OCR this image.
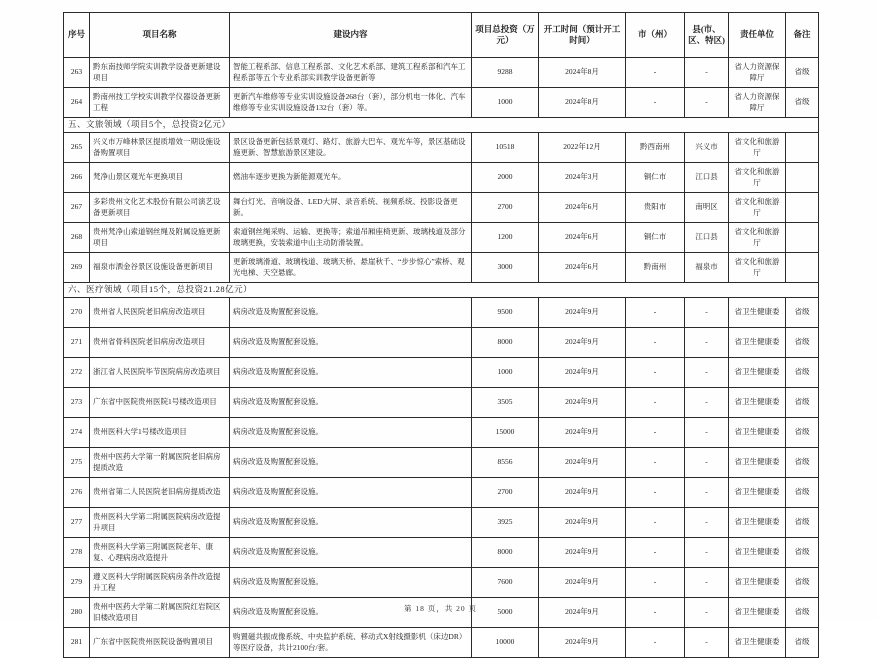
序号	项目名称	建设内容	项目总投资（万元）	开工时间（预计开工时间）	市（州）	县(市、区、特区)	责任单位	备注
263	黔东南技师学院实训教学设备更新建设项目	智能工程系部、信息工程系部、文化艺术系部、建筑工程系部和汽车工程系部等五个专业系部实训教学设备更新等	9288	2024年8月	-	-	省人力资源保障厅	省级
264	黔南州技工学校实训教学仪器设备更新工程	更新汽车维修等专业实训设施设备268台（套），部分机电一体化、汽车维修等专业实训设施设备132台（套）等。	1000	2024年8月	-	-	省人力资源保障厅	省级
五、文旅领域（项目5个，总投资2亿元）								
265	兴义市万峰林景区提质增效一期设施设备购置项目	景区设备更新包括景观灯、路灯、旅游大巴车、观光车等，景区基础设施更新、智慧旅游景区建设。	10518	2022年12月	黔西南州	兴义市	省文化和旅游厅	
266	梵净山景区观光车更换项目	燃油车逐步更换为新能源观光车。	2000	2024年3月	铜仁市	江口县	省文化和旅游厅	
267	多彩贵州文化艺术股份有限公司演艺设备更新项目	舞台灯光、音响设备、LED大屏、录音系统、视频系统、投影设备更新。	2700	2024年6月	贵阳市	南明区	省文化和旅游厅	
268	贵州梵净山索道钢丝绳及附属设施更新项目	索道钢丝绳采购、运输、更换等；索道吊厢座椅更新、玻璃栈道及部分玻璃更换，安装索道中山主动防滑装置。	1200	2024年6月	铜仁市	江口县	省文化和旅游厅	
269	福泉市洒金谷景区设施设备更新项目	更新玻璃滑道、玻璃栈道、玻璃天桥、悬崖秋千、“步步惊心”索桥、观光电梯、天空悬廊。	3000	2024年6月	黔南州	福泉市	省文化和旅游厅	
六、医疗领域（项目15个，总投资21.28亿元）								
270	贵州省人民医院老旧病房改造项目	病房改造及购置配套设施。	9500	2024年9月	-	-	省卫生健康委	省级
271	贵州省骨科医院老旧病房改造项目	病房改造及购置配套设施。	8000	2024年9月	-	-	省卫生健康委	省级
272	浙江省人民医院毕节医院病房改造项目	病房改造及购置配套设施。	1000	2024年9月	-	-	省卫生健康委	省级
273	广东省中医院贵州医院1号楼改造项目	病房改造及购置配套设施。	3505	2024年9月	-	-	省卫生健康委	省级
274	贵州医科大学1号楼改造项目	病房改造及购置配套设施。	15000	2024年9月	-	-	省卫生健康委	省级
275	贵州中医药大学第一附属医院老旧病房提质改造	病房改造及购置配套设施。	8556	2024年9月	-	-	省卫生健康委	省级
276	贵州省第二人民医院老旧病房提质改造	病房改造及购置配套设施。	2700	2024年9月	-	-	省卫生健康委	省级
277	贵州医科大学第二附属医院病房改造提升项目	病房改造及购置配套设施。	3925	2024年9月	-	-	省卫生健康委	省级
278	贵州医科大学第三附属医院老年、康复、心理病房改造提升	病房改造及购置配套设施。	8000	2024年9月	-	-	省卫生健康委	省级
279	遵义医科大学附属医院病房条件改造提升工程	病房改造及购置配套设施。	7600	2024年9月	-	-	省卫生健康委	省级
280	贵州中医药大学第二附属医院红岩院区旧楼改造项目	病房改造及购置配套设施。	5000	2024年9月	-	-	省卫生健康委	省级
281	广东省中医院贵州医院设备购置项目	购置磁共振成像系统、中央监护系统、移动式X射线摄影机（床边DR）等医疗设备，共计2100台/套。	10000	2024年9月	-	-	省卫生健康委	省级
第 18 页，共 20 页
